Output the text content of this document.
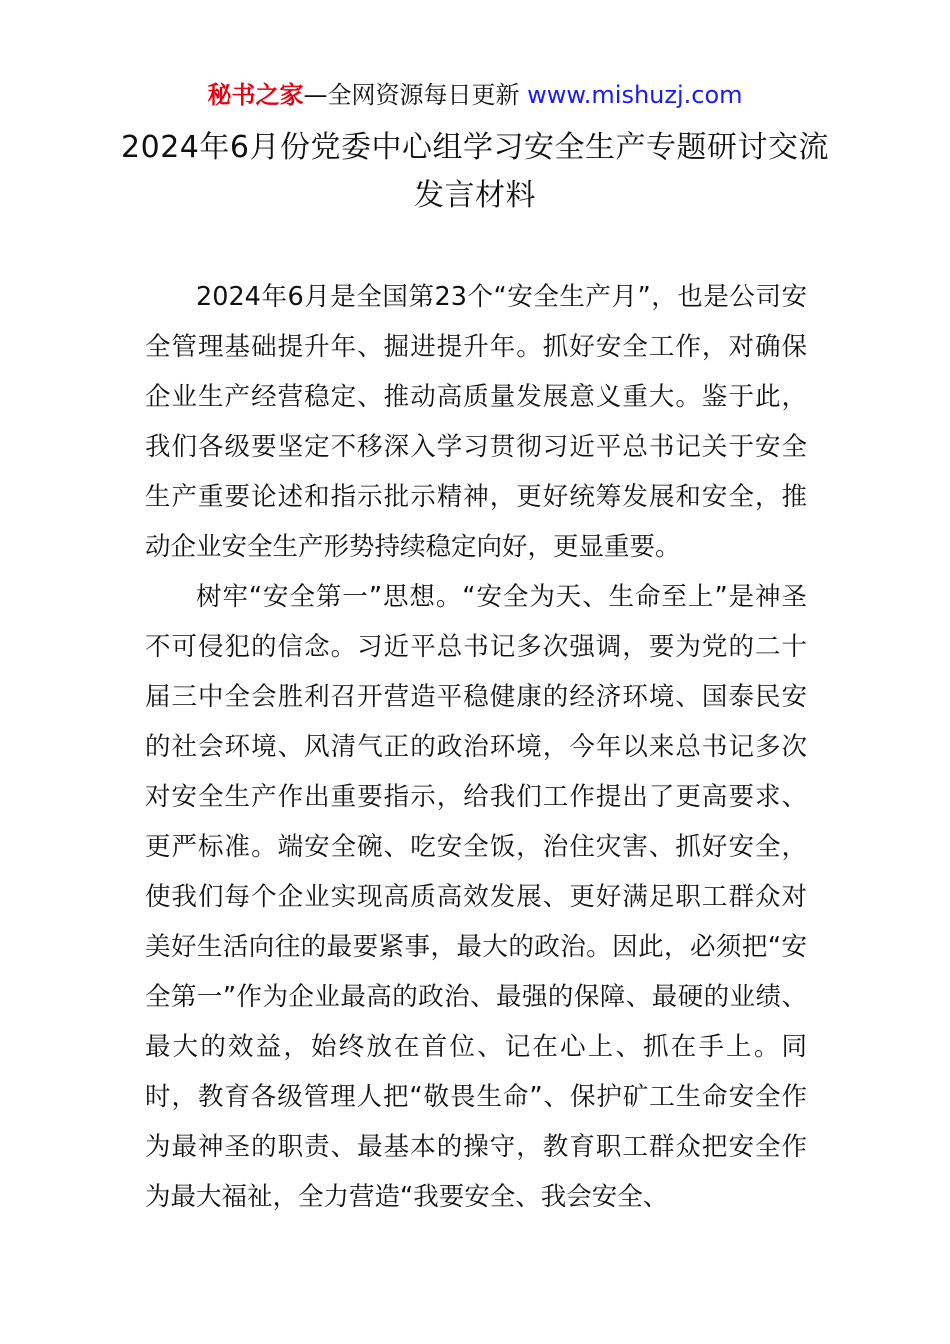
秘书之家—全网资源每日更新 www.mishuzj.com
2024年6月份党委中心组学习安全生产专题研讨交流发言材料

2024年6月是全国第23个“安全生产月”，也是公司安全管理基础提升年、掘进提升年。抓好安全工作，对确保企业生产经营稳定、推动高质量发展意义重大。鉴于此，我们各级要坚定不移深入学习贯彻习近平总书记关于安全生产重要论述和指示批示精神，更好统筹发展和安全，推动企业安全生产形势持续稳定向好，更显重要。

树牢“安全第一”思想。“安全为天、生命至上”是神圣不可侵犯的信念。习近平总书记多次强调，要为党的二十届三中全会胜利召开营造平稳健康的经济环境、国泰民安的社会环境、风清气正的政治环境，今年以来总书记多次对安全生产作出重要指示，给我们工作提出了更高要求、更严标准。端安全碗、吃安全饭，治住灾害、抓好安全，使我们每个企业实现高质高效发展、更好满足职工群众对美好生活向往的最要紧事，最大的政治。因此，必须把“安全第一”作为企业最高的政治、最强的保障、最硬的业绩、最大的效益，始终放在首位、记在心上、抓在手上。同时，教育各级管理人把“敬畏生命”、保护矿工生命安全作为最神圣的职责、最基本的操守，教育职工群众把安全作为最大福祉，全力营造“我要安全、我会安全、
